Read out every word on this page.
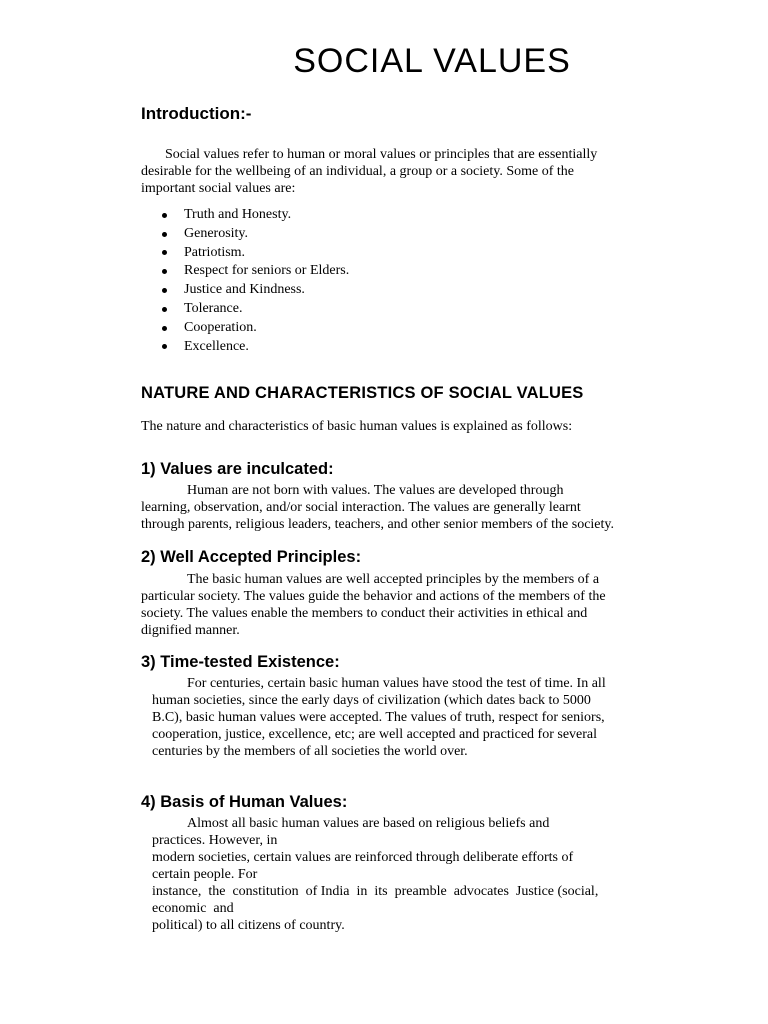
SOCIAL VALUES
Introduction:-
Social values refer to human or moral values or principles that are essentially
desirable for the wellbeing of an individual, a group or a society. Some of the
important social values are:
Truth and Honesty.
Generosity.
Patriotism.
Respect for seniors or Elders.
Justice and Kindness.
Tolerance.
Cooperation.
Excellence.
NATURE AND CHARACTERISTICS OF SOCIAL VALUES
The nature and characteristics of basic human values is explained as follows:
1) Values are inculcated:
Human are not born with values. The values are developed through
learning, observation, and/or social interaction. The values are generally learnt
through parents, religious leaders, teachers, and other senior members of the society.
2) Well Accepted Principles:
The basic human values are well accepted principles by the members of a
particular society. The values guide the behavior and actions of the members of the
society. The values enable the members to conduct their activities in ethical and
dignified manner.
3) Time-tested Existence:
For centuries, certain basic human values have stood the test of time. In all
human societies, since the early days of civilization (which dates back to 5000
B.C), basic human values were accepted. The values of truth, respect for seniors,
cooperation, justice, excellence, etc; are well accepted and practiced for several
centuries by the members of all societies the world over.
4) Basis of Human Values:
Almost all basic human values are based on religious beliefs and
practices. However, in
modern societies, certain values are reinforced through deliberate efforts of
certain people. For
instance,  the  constitution  of India  in  its  preamble  advocates  Justice (social,
economic  and
political) to all citizens of country.
